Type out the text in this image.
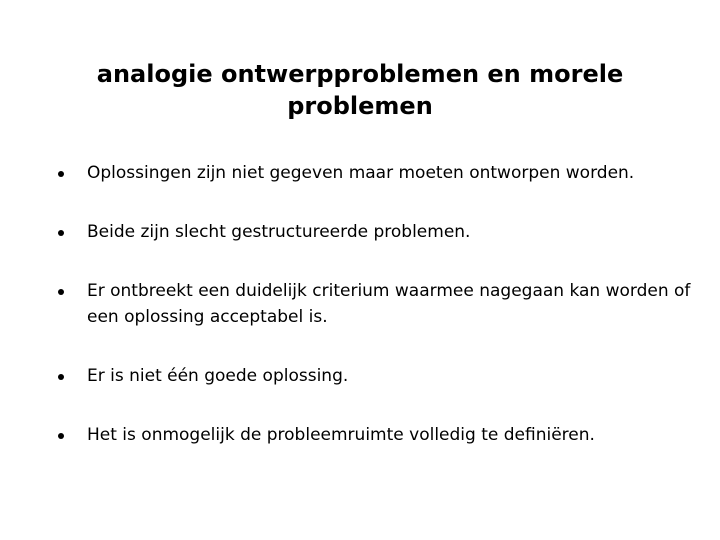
analogie ontwerpproblemen en morele problemen
Oplossingen zijn niet gegeven maar moeten ontworpen worden.
Beide zijn slecht gestructureerde problemen.
Er ontbreekt een duidelijk criterium waarmee nagegaan kan worden of een oplossing acceptabel is.
Er is niet één goede oplossing.
Het is onmogelijk de probleemruimte volledig te definiëren.
